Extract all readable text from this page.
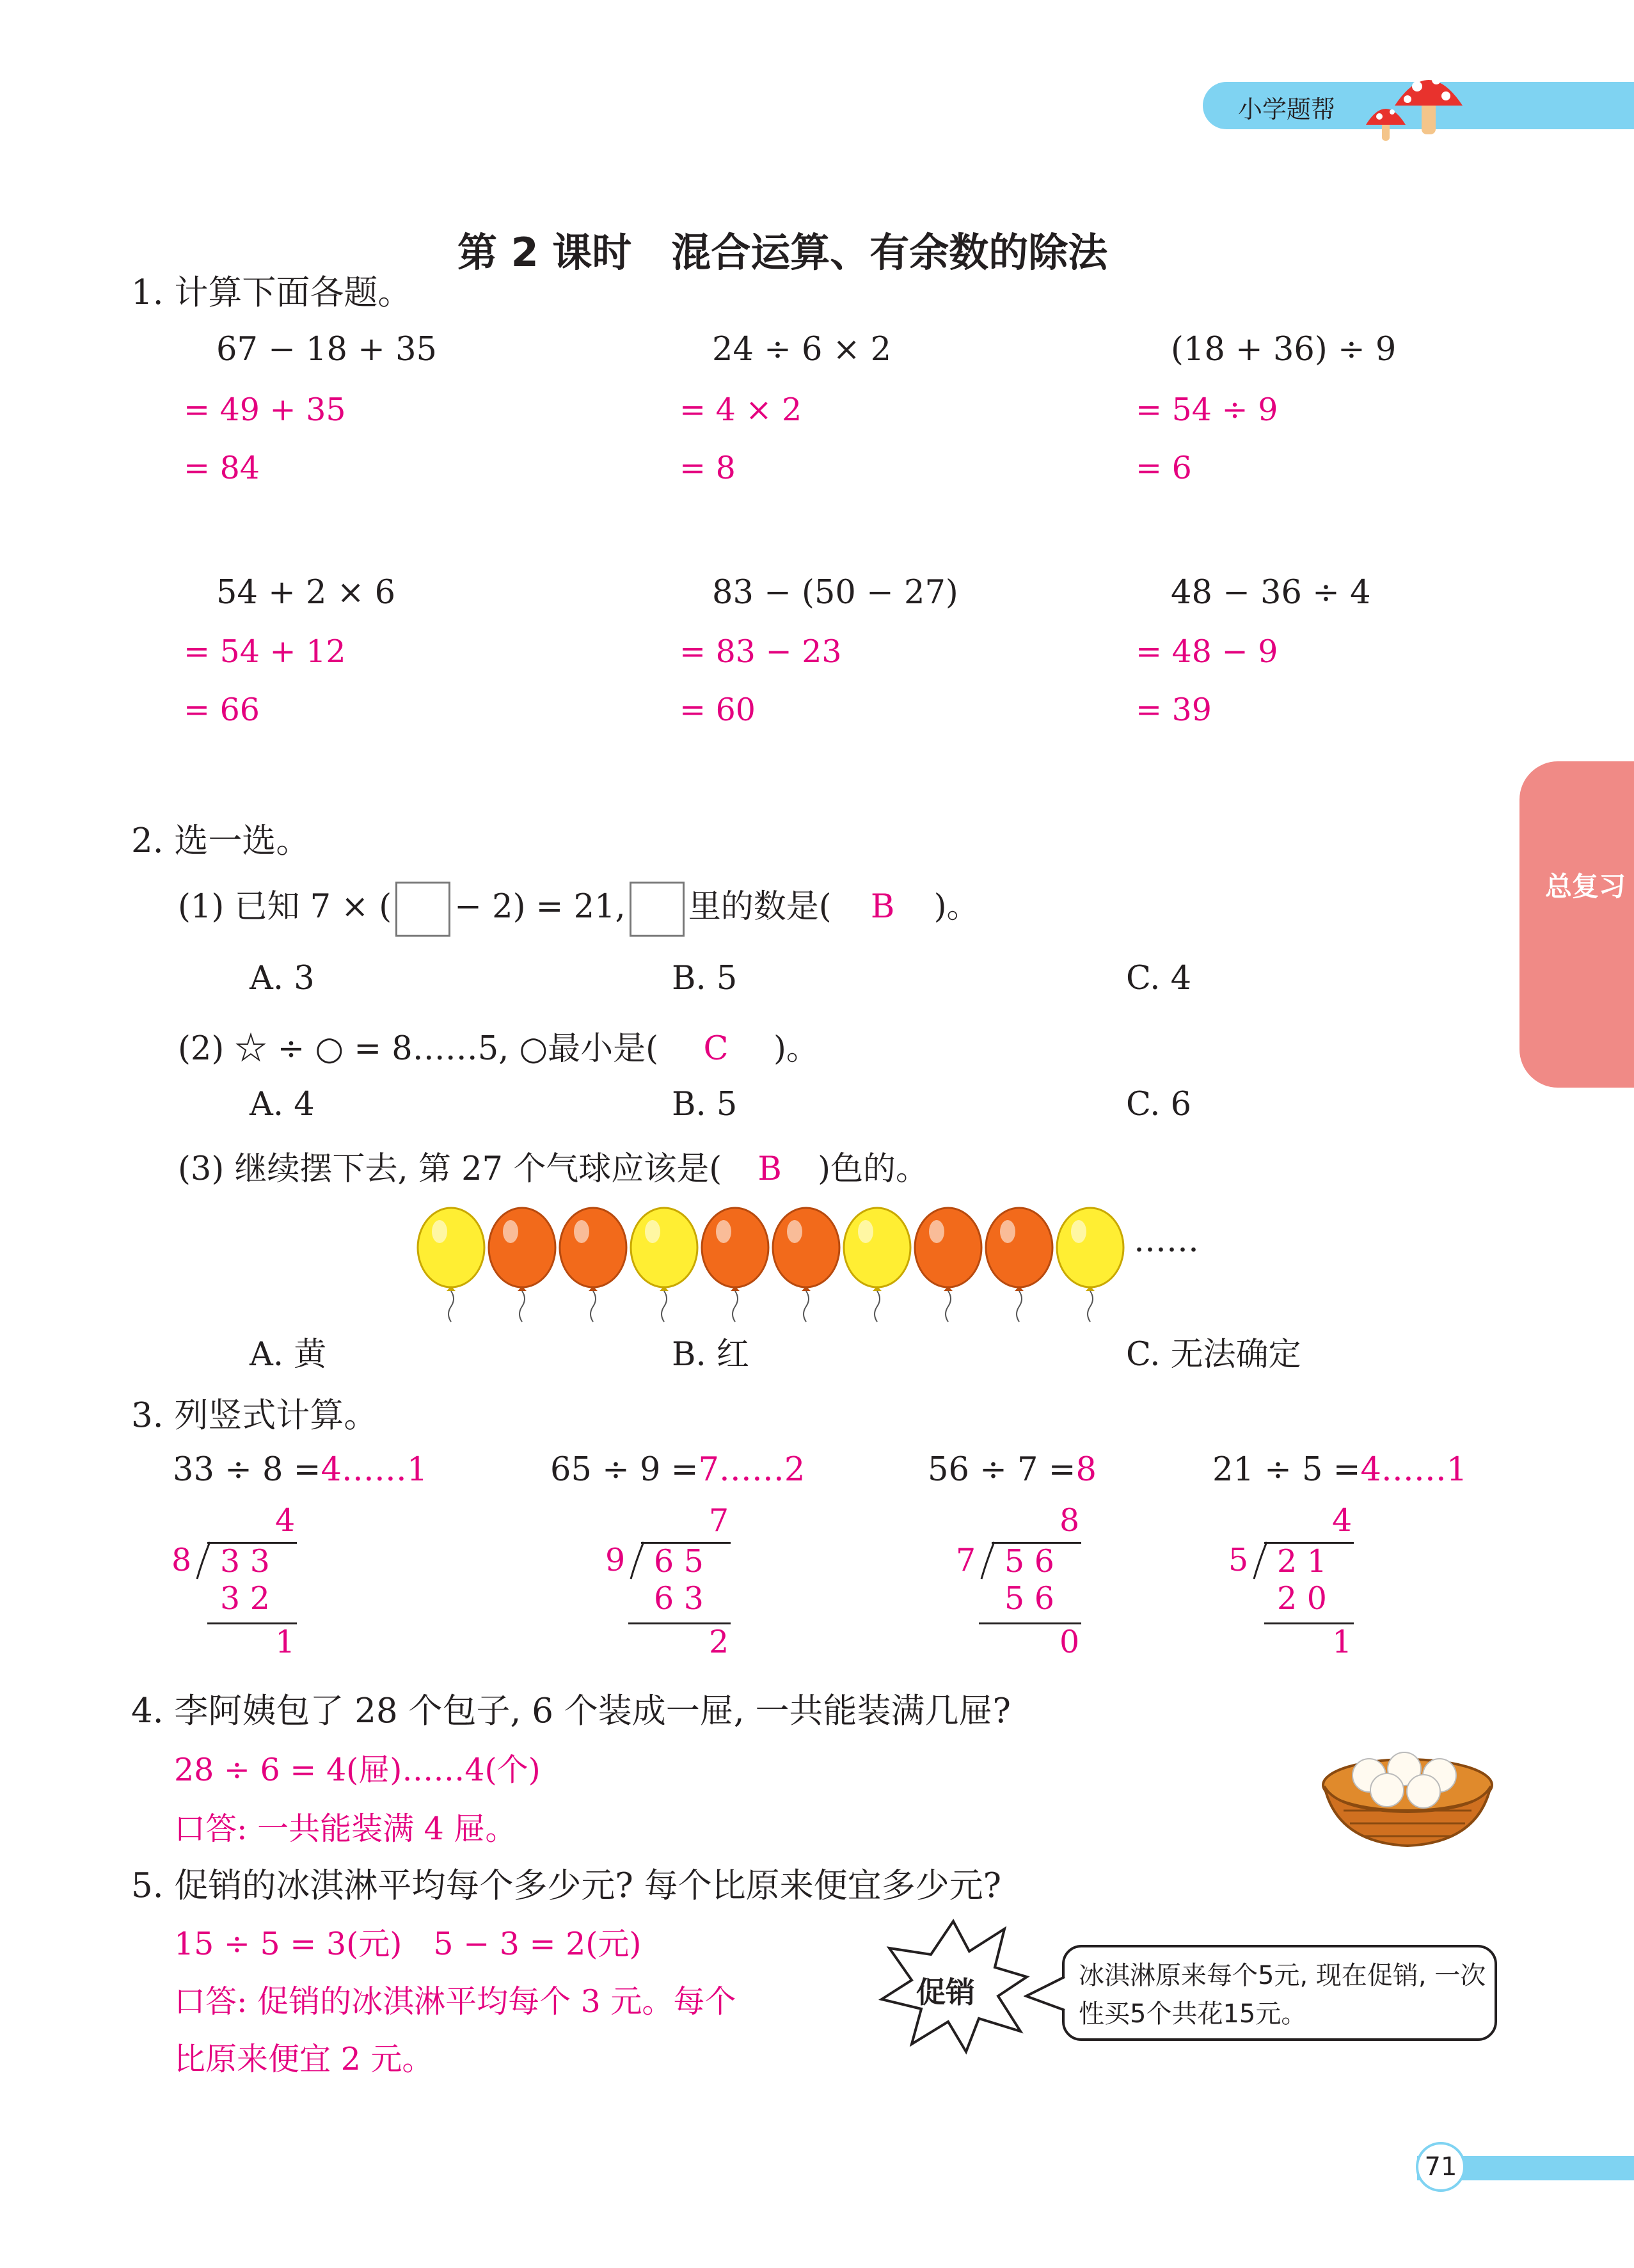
小学题帮
第 2 课时　混合运算、有余数的除法
总复习
1. 计算下面各题。
67 − 18 + 35
= 49 + 35
= 84
24 ÷ 6 × 2
= 4 × 2
= 8
(18 + 36) ÷ 9
= 54 ÷ 9
= 6
54 + 2 × 6
= 54 + 12
= 66
83 − (50 − 27)
= 83 − 23
= 60
48 − 36 ÷ 4
= 48 − 9
= 39
2. 选一选。
(1) 已知 7 × ( − 2) = 21, 里的数是( B )。
A. 3	B. 5	C. 4
(2) ☆ ÷ ○ = 8……5, ○最小是( C )。
A. 4	B. 5	C. 6
(3) 继续摆下去, 第 27 个气球应该是( B )色的。
……
A. 黄	B. 红	C. 无法确定
3. 列竖式计算。
33 ÷ 8 =4……1	65 ÷ 9 =7……2	56 ÷ 7 =8	21 ÷ 5 =4……1
4
8 3 3
3 2
1
7
9 6 5
6 3
2
8
7 5 6
5 6
0
4
5 2 1
2 0
1
4. 李阿姨包了 28 个包子, 6 个装成一屉, 一共能装满几屉?
28 ÷ 6 = 4(屉)……4(个)
口答: 一共能装满 4 屉。
5. 促销的冰淇淋平均每个多少元? 每个比原来便宜多少元?
15 ÷ 5 = 3(元)　5 − 3 = 2(元)
口答: 促销的冰淇淋平均每个 3 元。每个
比原来便宜 2 元。
促销	冰淇淋原来每个5元, 现在促销, 一次性买5个共花15元。
71
